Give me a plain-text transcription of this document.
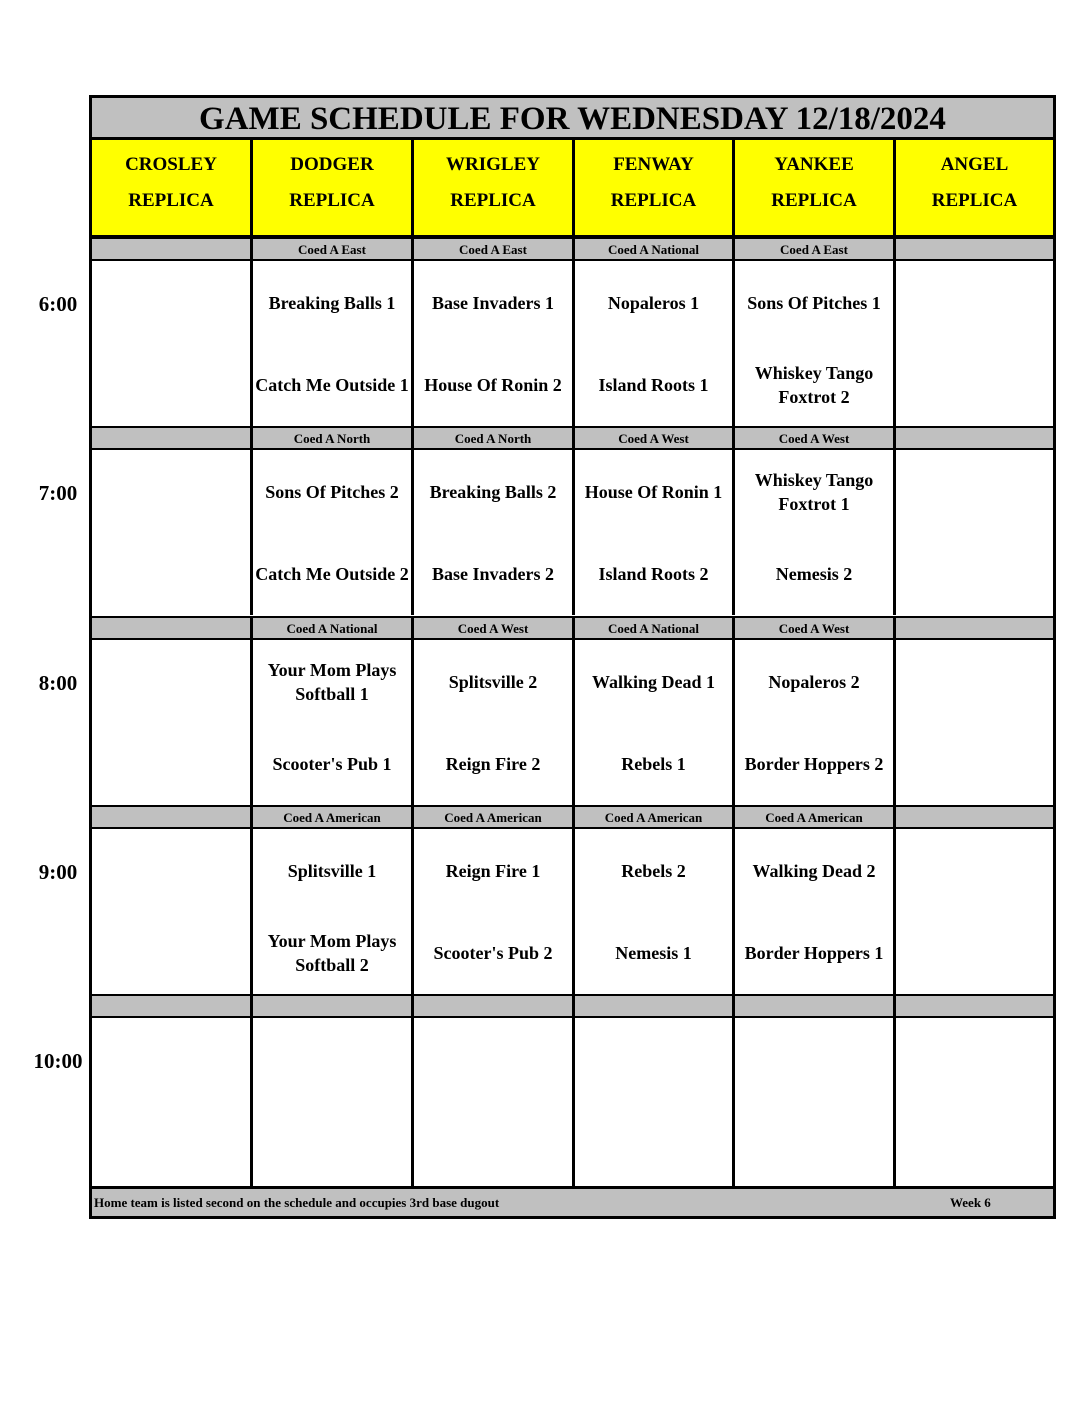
GAME SCHEDULE FOR WEDNESDAY 12/18/2024
CROSLEY
REPLICA
DODGER
REPLICA
WRIGLEY
REPLICA
FENWAY
REPLICA
YANKEE
REPLICA
ANGEL
REPLICA
6:00
Coed A East
Breaking Balls 1
Catch Me Outside 1
Coed A East
Base Invaders 1
House Of Ronin 2
Coed A National
Nopaleros 1
Island Roots 1
Coed A East
Sons Of Pitches 1
Whiskey Tango Foxtrot 2
7:00
Coed A North
Sons Of Pitches 2
Catch Me Outside 2
Coed A North
Breaking Balls 2
Base Invaders 2
Coed A West
House Of Ronin 1
Island Roots 2
Coed A West
Whiskey Tango Foxtrot 1
Nemesis 2
8:00
Coed A National
Your Mom Plays Softball 1
Scooter's Pub 1
Coed A West
Splitsville 2
Reign Fire 2
Coed A National
Walking Dead 1
Rebels 1
Coed A West
Nopaleros 2
Border Hoppers 2
9:00
Coed A American
Splitsville 1
Your Mom Plays Softball 2
Coed A American
Reign Fire 1
Scooter's Pub 2
Coed A American
Rebels 2
Nemesis 1
Coed A American
Walking Dead 2
Border Hoppers 1
10:00
Home team is listed second on the schedule and occupies 3rd base dugout	Week 6
